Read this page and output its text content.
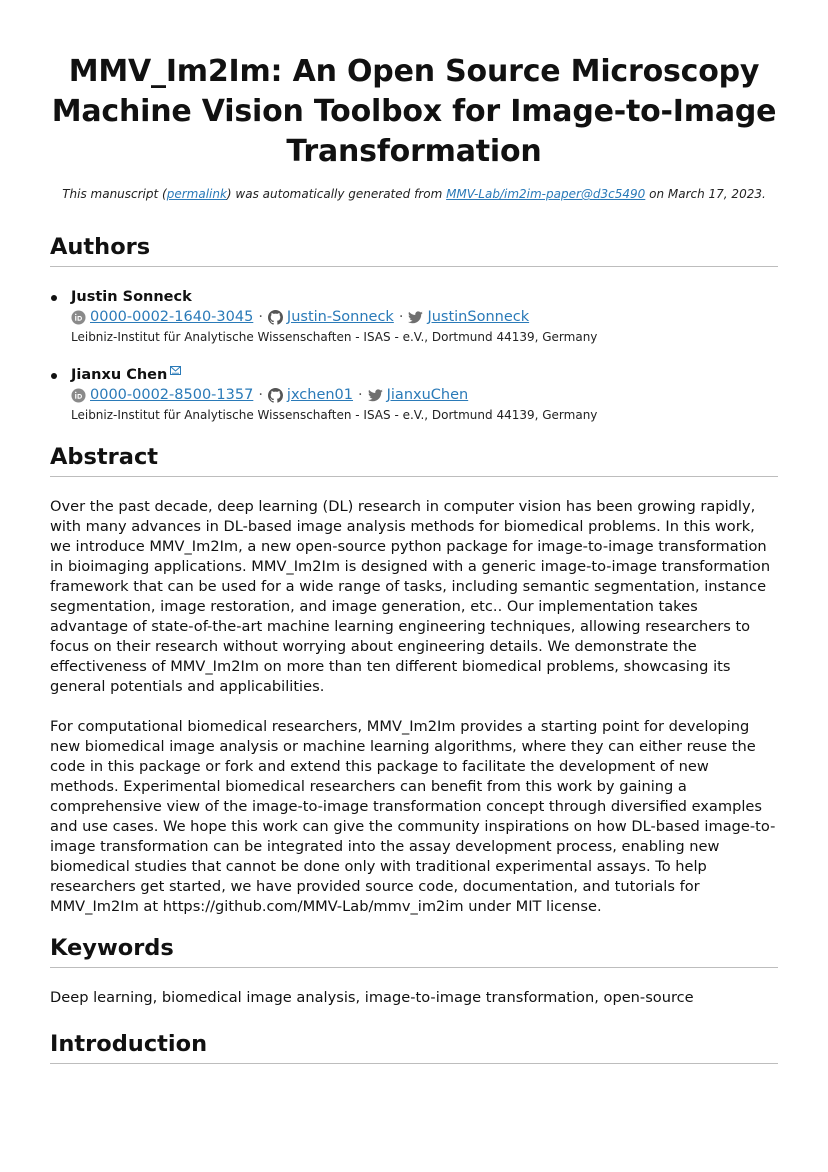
MMV_Im2Im: An Open Source Microscopy Machine Vision Toolbox for Image-to-Image Transformation
This manuscript (permalink) was automatically generated from MMV-Lab/im2im-paper@d3c5490 on March 17, 2023.
Authors
Justin Sonneck
0000-0002-1640-3045 · Justin-Sonneck · JustinSonneck
Leibniz-Institut für Analytische Wissenschaften - ISAS - e.V., Dortmund 44139, Germany
Jianxu Chen
0000-0002-8500-1357 · jxchen01 · JianxuChen
Leibniz-Institut für Analytische Wissenschaften - ISAS - e.V., Dortmund 44139, Germany
Abstract

Over the past decade, deep learning (DL) research in computer vision has been growing rapidly, with many advances in DL-based image analysis methods for biomedical problems. In this work, we introduce MMV_Im2Im, a new open-source python package for image-to-image transformation in bioimaging applications. MMV_Im2Im is designed with a generic image-to-image transformation framework that can be used for a wide range of tasks, including semantic segmentation, instance segmentation, image restoration, and image generation, etc.. Our implementation takes advantage of state-of-the-art machine learning engineering techniques, allowing researchers to focus on their research without worrying about engineering details. We demonstrate the effectiveness of MMV_Im2Im on more than ten different biomedical problems, showcasing its general potentials and applicabilities.

For computational biomedical researchers, MMV_Im2Im provides a starting point for developing new biomedical image analysis or machine learning algorithms, where they can either reuse the code in this package or fork and extend this package to facilitate the development of new methods. Experimental biomedical researchers can benefit from this work by gaining a comprehensive view of the image-to-image transformation concept through diversified examples and use cases. We hope this work can give the community inspirations on how DL-based image-to-image transformation can be integrated into the assay development process, enabling new biomedical studies that cannot be done only with traditional experimental assays. To help researchers get started, we have provided source code, documentation, and tutorials for MMV_Im2Im at https://github.com/MMV-Lab/mmv_im2im under MIT license.

Keywords

Deep learning, biomedical image analysis, image-to-image transformation, open-source

Introduction
